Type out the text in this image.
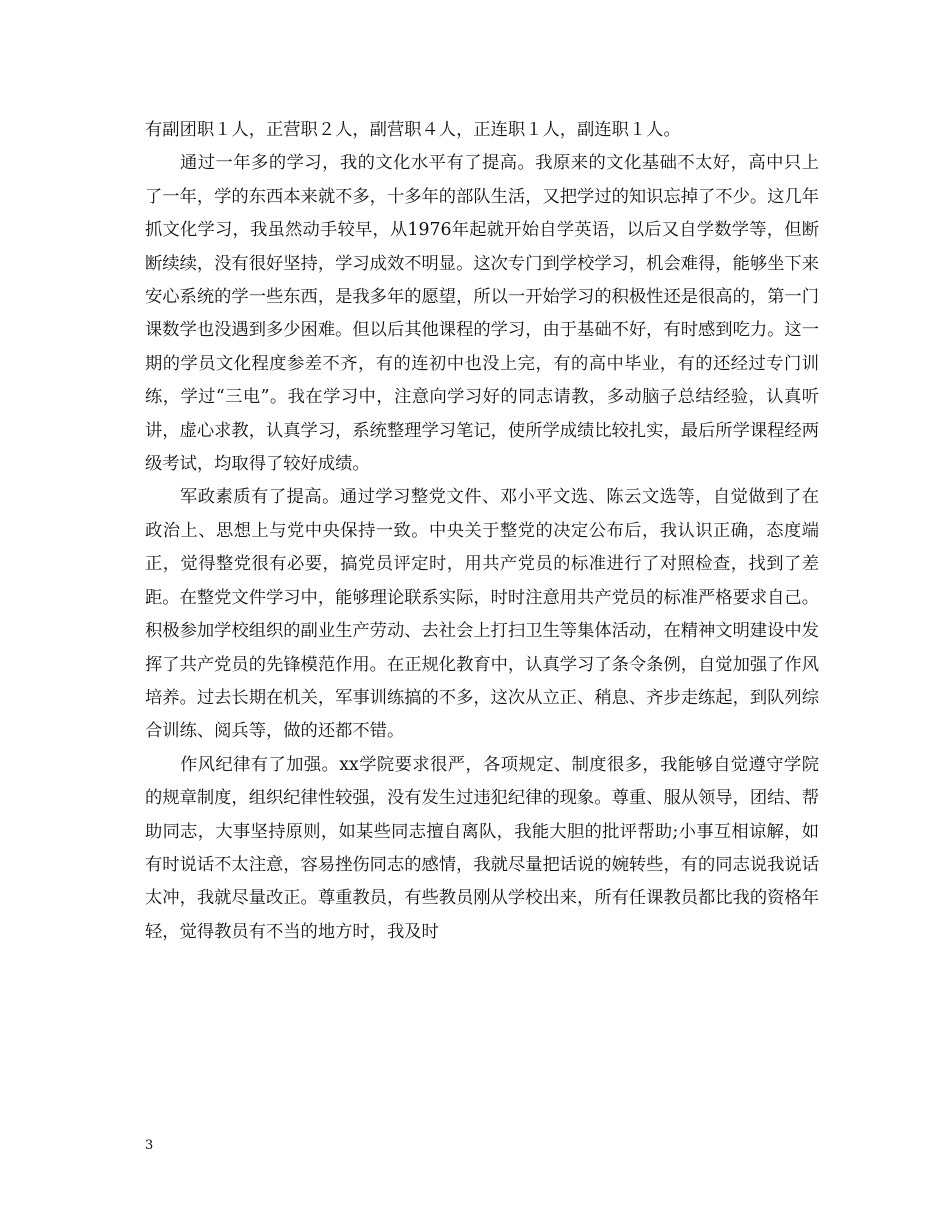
有副团职１人，正营职２人，副营职４人，正连职１人，副连职１人。

通过一年多的学习，我的文化水平有了提高。我原来的文化基础不太好，高中只上了一年，学的东西本来就不多，十多年的部队生活，又把学过的知识忘掉了不少。这几年抓文化学习，我虽然动手较早，从1976年起就开始自学英语，以后又自学数学等，但断断续续，没有很好坚持，学习成效不明显。这次专门到学校学习，机会难得，能够坐下来安心系统的学一些东西，是我多年的愿望，所以一开始学习的积极性还是很高的，第一门课数学也没遇到多少困难。但以后其他课程的学习，由于基础不好，有时感到吃力。这一期的学员文化程度参差不齐，有的连初中也没上完，有的高中毕业，有的还经过专门训练，学过“三电”。我在学习中，注意向学习好的同志请教，多动脑子总结经验，认真听讲，虚心求教，认真学习，系统整理学习笔记，使所学成绩比较扎实，最后所学课程经两级考试，均取得了较好成绩。

军政素质有了提高。通过学习整党文件、邓小平文选、陈云文选等，自觉做到了在政治上、思想上与党中央保持一致。中央关于整党的决定公布后，我认识正确，态度端正，觉得整党很有必要，搞党员评定时，用共产党员的标准进行了对照检查，找到了差距。在整党文件学习中，能够理论联系实际，时时注意用共产党员的标准严格要求自己。积极参加学校组织的副业生产劳动、去社会上打扫卫生等集体活动，在精神文明建设中发挥了共产党员的先锋模范作用。在正规化教育中，认真学习了条令条例，自觉加强了作风培养。过去长期在机关，军事训练搞的不多，这次从立正、稍息、齐步走练起，到队列综合训练、阅兵等，做的还都不错。

作风纪律有了加强。xx学院要求很严，各项规定、制度很多，我能够自觉遵守学院的规章制度，组织纪律性较强，没有发生过违犯纪律的现象。尊重、服从领导，团结、帮助同志，大事坚持原则，如某些同志擅自离队，我能大胆的批评帮助;小事互相谅解，如有时说话不太注意，容易挫伤同志的感情，我就尽量把话说的婉转些，有的同志说我说话太冲，我就尽量改正。尊重教员，有些教员刚从学校出来，所有任课教员都比我的资格年轻，觉得教员有不当的地方时，我及时

3
